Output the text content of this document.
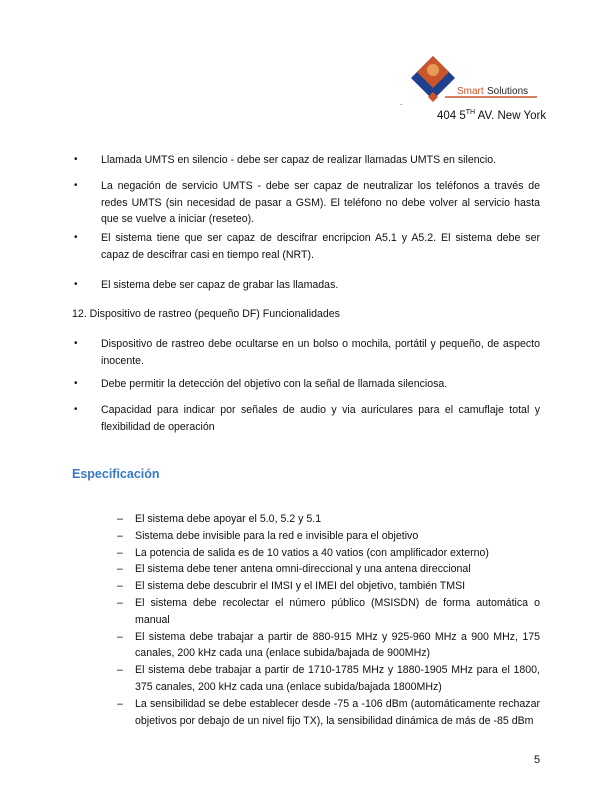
Smart Solutions
.
404 5TH AV. New York
•	Llamada UMTS en silencio - debe ser capaz de realizar llamadas UMTS en silencio.
•	La negación de servicio UMTS - debe ser capaz de neutralizar los teléfonos a través de redes UMTS (sin necesidad de pasar a GSM). El teléfono no debe volver al servicio hasta que se vuelve a iniciar (reseteo).
•	El sistema tiene que ser capaz de descifrar encripcion A5.1 y A5.2. El sistema debe ser capaz de descifrar casi en tiempo real (NRT).
•	El sistema debe ser capaz de grabar las llamadas.
12. Dispositivo de rastreo (pequeño DF) Funcionalidades
•	Dispositivo de rastreo debe ocultarse en un bolso o mochila, portátil y pequeño, de aspecto inocente.
•	Debe permitir la detección del objetivo con la señal de llamada silenciosa.
•	Capacidad para indicar por señales de audio y via auriculares para el camuflaje total y flexibilidad de operación
Especificación
–	El sistema debe apoyar el 5.0, 5.2 y 5.1
–	Sistema debe invisible para la red e invisible para el objetivo
–	La potencia de salida es de 10 vatios a 40 vatios (con amplificador externo)
–	El sistema debe tener antena omni-direccional y una antena direccional
–	El sistema debe descubrir el IMSI y el IMEI del objetivo, también TMSI
–	El sistema debe recolectar el número público (MSISDN) de forma automática o manual
–	El sistema debe trabajar a partir de 880-915 MHz y 925-960 MHz a 900 MHz, 175 canales, 200 kHz cada una (enlace subida/bajada de 900MHz)
–	El sistema debe trabajar a partir de 1710-1785 MHz y 1880-1905 MHz para el 1800, 375 canales, 200 kHz cada una (enlace subida/bajada 1800MHz)
–	La sensibilidad se debe establecer desde -75 a -106 dBm (automáticamente rechazar objetivos por debajo de un nivel fijo TX), la sensibilidad dinámica de más de -85 dBm
5
